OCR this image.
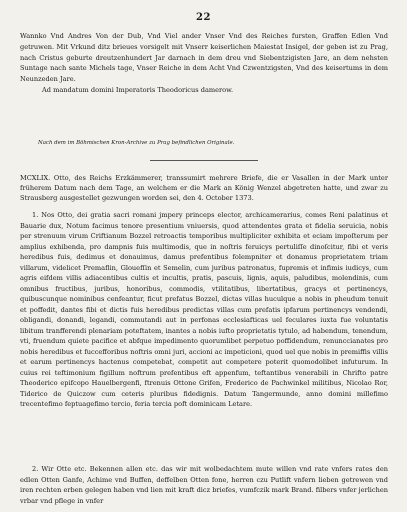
22
Wannko Vnd Andres Von der Dub, Vnd Viel ander Vnser Vnd des Reiches fursten, Graffen Edlen Vnd getruwen. Mit Vrkund ditz brieues vorsigelt mit Vnserr keiserlichen Maiestat Insigel, der geben ist zu Prag, nach Cristus geburte dreutzenhundert Jar darnach in dem dreu vnd Siebentzigisten Jare, an dem nehsten Suntage nach sante Michels tage, Vnser Reiche in dem Acht Vnd Czwentzigsten, Vnd des keisertums in dem Neunzeden Jare.
Ad mandatum domini Imperatoris Theodoricus damerow.

Nach dem im Böhmischen Kron-Archive zu Prag befindlichen Originale.

MCXLIX. Otto, des Reichs Erzkämmerer, transsumirt mehrere Briefe, die er Vasallen in der Mark unter früherem Datum nach dem Tage, an welchem er die Mark an König Wenzel abgetreten hatte, und zwar zu Strausberg ausgestellet gezwungen worden sei, den 4. October 1373.

1. Nos Otto, dei gratia sacri romani jmpery princeps elector, archicamerarius, comes Reni palatinus et Bauarie dux, Notum facimus tenore presentium vniuersis, quod attendentes grata et fidelia seruicia, nobis per strenuum virum Criftianum Bozzel retroactis temporibus multipliciter exhibita et eciam impoſterum per amplius exhibenda, pro dampnis fuis multimodis, que in noſtris feruicys pertuliſſe dinoſcitur, fibi et veris heredibus fuis, dedimus et donauimus, damus prefentibus folempniter et donamus proprietatem triam villarum, videlicet Premaflin, Glouefſin et Semelin, cum juribus patronatus, fupremis et infimis iudicys, cum agris eifdem villis adiacentibus cultis et incultis, pratis, pascuis, lignis, aquis, paludibus, molendinis, cum omnibus fructibus, juribus, honoribus, commodis, vtilitatibus, libertatibus, gracys et pertinencys, quibuscunque nominibus cenfeantur, ficut prefatus Bozzel, dictas villas huculque a nobis in pheudum tenuit et poffedit, dantes fibi et dictis fuis heredibus predictas villas cum prefatis ipfarum pertinencys vendendi, obligandi, donandi, legandi, commutandi aut in perfonas ecclesiafticas uel feculares iuxta fue voluntatis libitum tranfferendi plenariam poteftatem, inantes a nobis iufto proprietatis tytulo, ad habendum, tenendum, vti, fruendum quiete pacifice et abfque impedimento quorumlibet perpetuo poffidendum, renunccianates pro nobis heredibus et fuccefforibus noftris omni juri, accioni ac impeticioni, quod uel que nobis in premiffis villis et earum pertinencys hactenus competebat, competit aut competere poterit quomodolibet infuturum. In cuius rei teftimonium figillum noftrum prefentibus eft appenfum, teftantibus venerabili in Chrifto patre Theoderico epifcopo Hauelbergenfi, ftrenuis Ottone Grifen, Frederico de Pachwinkel militibus, Nicolao Ror, Tiderico de Quiczow cum ceteris pluribus fidedignis. Datum Tangermunde, anno domini millefimo trecentefimo feptuagefimo tercio, feria tercia poft dominicam Letare.

2. Wir Otte etc. Bekennen allen etc. das wir mit wolbedachtem mute willen vnd rate vnfers rates den edlen Otten Ganfe, Achime vnd Buffen, deffelben Otten fone, herren czu Putlift vnfern lieben getrewen vnd iren rechten erben gelegen haben vnd lien mit kraft dicz briefes, vumfczik mark Brand. filbers vnfer jerlichen vrbar vnd pflege in vnfer
